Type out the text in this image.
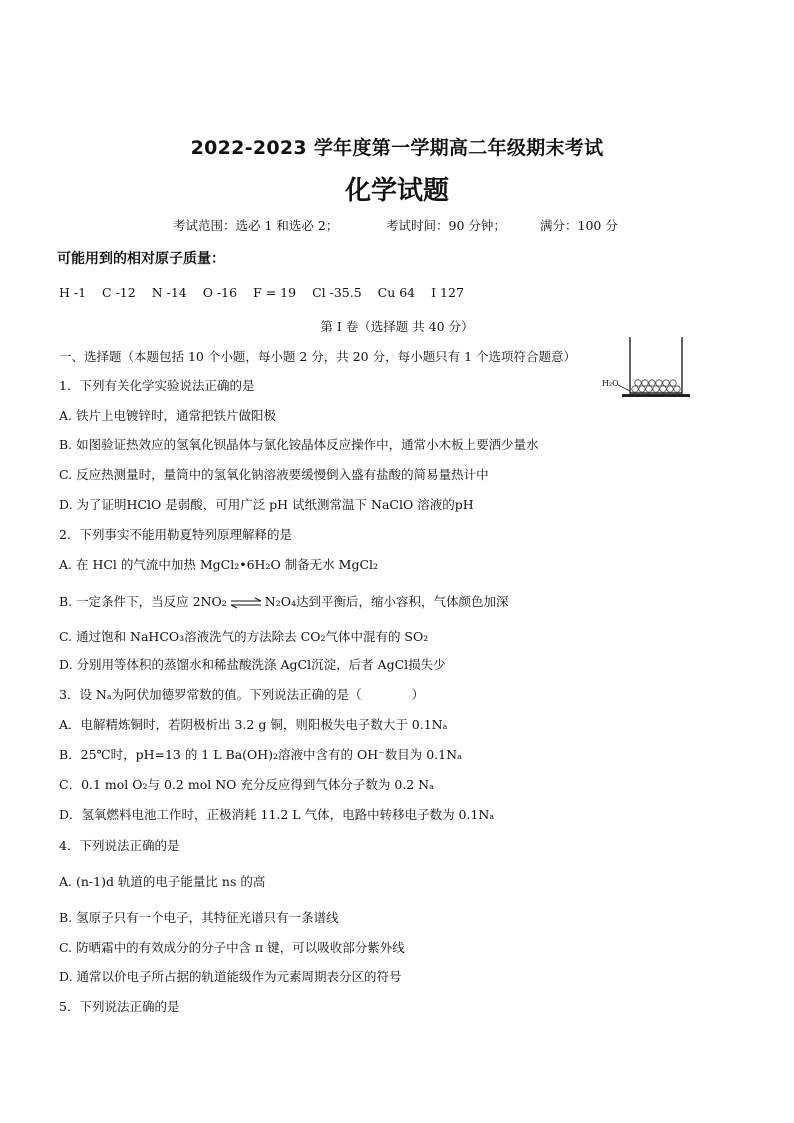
2022-2023 学年度第一学期高二年级期末考试
化学试题
考试范围：选必 1 和选必 2；	考试时间：90 分钟；	满分：100 分
可能用到的相对原子质量：
H -1 C -12 N -14 O -16 F = 19 Cl -35.5 Cu 64 I 127
第 I 卷（选择题 共 40 分）
一、选择题（本题包括 10 个小题，每小题 2 分，共 20 分，每小题只有 1 个选项符合题意）
H₂O
1．下列有关化学实验说法正确的是
A. 铁片上电镀锌时，通常把铁片做阳极
B. 如图验证热效应的氢氧化钡晶体与氯化铵晶体反应操作中，通常小木板上要洒少量水
C. 反应热测量时，量筒中的氢氧化钠溶液要缓慢倒入盛有盐酸的简易量热计中
D. 为了证明HClO 是弱酸，可用广泛 pH 试纸测常温下 NaClO 溶液的pH
2．下列事实不能用勒夏特列原理解释的是
A. 在 HCl 的气流中加热 MgCl₂•6H₂O 制备无水 MgCl₂
B. 一定条件下，当反应 2NO₂ ⇌ N₂O₄达到平衡后，缩小容积，气体颜色加深
C. 通过饱和 NaHCO₃溶液洗气的方法除去 CO₂气体中混有的 SO₂
D. 分别用等体积的蒸馏水和稀盐酸洗涤 AgCl沉淀，后者 AgCl损失少
3．设 Nₐ为阿伏加德罗常数的值。下列说法正确的是（　　　　）
A．电解精炼铜时，若阴极析出 3.2 g 铜，则阳极失电子数大于 0.1Nₐ
B．25℃时，pH=13 的 1 L Ba(OH)₂溶液中含有的 OH⁻数目为 0.1Nₐ
C．0.1 mol O₂与 0.2 mol NO 充分反应得到气体分子数为 0.2 Nₐ
D．氢氧燃料电池工作时，正极消耗 11.2 L 气体，电路中转移电子数为 0.1Nₐ
4．下列说法正确的是
A. (n-1)d 轨道的电子能量比 ns 的高
B. 氢原子只有一个电子，其特征光谱只有一条谱线
C. 防晒霜中的有效成分的分子中含 π 键，可以吸收部分紫外线
D. 通常以价电子所占据的轨道能级作为元素周期表分区的符号
5．下列说法正确的是
